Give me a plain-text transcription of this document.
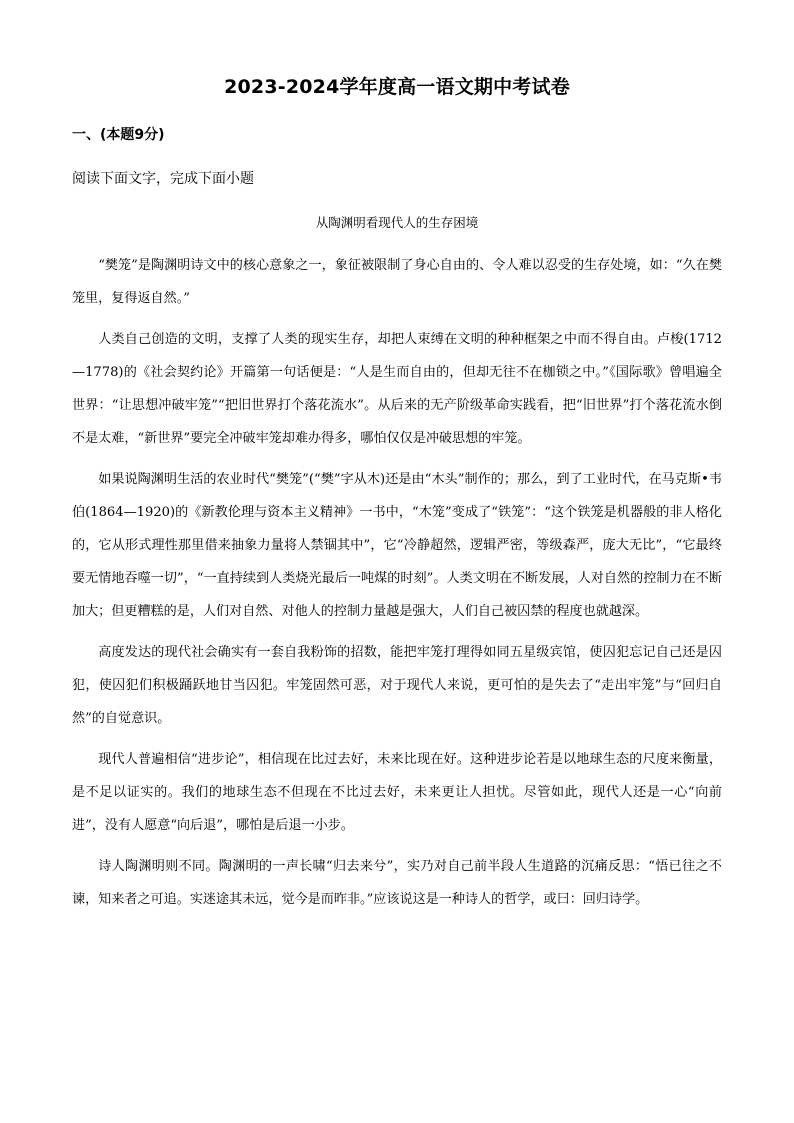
2023-2024学年度高一语文期中考试卷
一、(本题9分)
阅读下面文字，完成下面小题
从陶渊明看现代人的生存困境

“樊笼”是陶渊明诗文中的核心意象之一，象征被限制了身心自由的、令人难以忍受的生存处境，如：“久在樊笼里，复得返自然。”

人类自己创造的文明，支撑了人类的现实生存，却把人束缚在文明的种种框架之中而不得自由。卢梭(1712—1778)的《社会契约论》开篇第一句话便是：“人是生而自由的，但却无往不在枷锁之中。”《国际歌》曾唱遍全世界：“让思想冲破牢笼”“把旧世界打个落花流水”。从后来的无产阶级革命实践看，把“旧世界”打个落花流水倒不是太难，“新世界”要完全冲破牢笼却难办得多，哪怕仅仅是冲破思想的牢笼。

如果说陶渊明生活的农业时代“樊笼”(“樊”字从木)还是由“木头”制作的；那么，到了工业时代，在马克斯•韦伯(1864—1920)的《新教伦理与资本主义精神》一书中，“木笼”变成了“铁笼”：“这个铁笼是机器般的非人格化的，它从形式理性那里借来抽象力量将人禁锢其中”，它“冷静超然，逻辑严密，等级森严，庞大无比”，“它最终要无情地吞噬一切”，“一直持续到人类烧光最后一吨煤的时刻”。人类文明在不断发展，人对自然的控制力在不断加大；但更糟糕的是，人们对自然、对他人的控制力量越是强大，人们自己被囚禁的程度也就越深。

高度发达的现代社会确实有一套自我粉饰的招数，能把牢笼打理得如同五星级宾馆，使囚犯忘记自己还是囚犯，使囚犯们积极踊跃地甘当囚犯。牢笼固然可恶，对于现代人来说，更可怕的是失去了“走出牢笼”与“回归自然”的自觉意识。

现代人普遍相信“进步论”，相信现在比过去好，未来比现在好。这种进步论若是以地球生态的尺度来衡量，是不足以证实的。我们的地球生态不但现在不比过去好，未来更让人担忧。尽管如此，现代人还是一心“向前进”，没有人愿意“向后退”，哪怕是后退一小步。

诗人陶渊明则不同。陶渊明的一声长啸“归去来兮”，实乃对自己前半段人生道路的沉痛反思：“悟已往之不谏，知来者之可追。实迷途其未远，觉今是而昨非。”应该说这是一种诗人的哲学，或曰：回归诗学。
